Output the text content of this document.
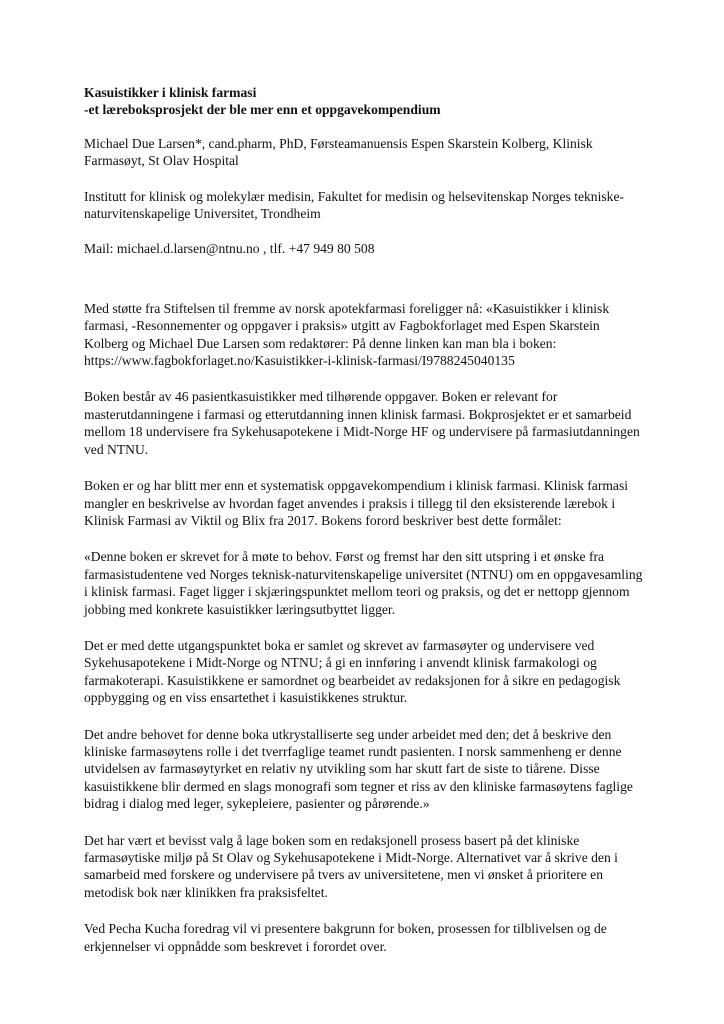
Kasuistikker i klinisk farmasi

-et læreboksprosjekt der ble mer enn et oppgavekompendium

Michael Due Larsen*, cand.pharm, PhD, Førsteamanuensis Espen Skarstein Kolberg, Klinisk Farmasøyt, St Olav Hospital

Institutt for klinisk og molekylær medisin, Fakultet for medisin og helsevitenskap Norges tekniske-naturvitenskapelige Universitet, Trondheim

Mail: michael.d.larsen@ntnu.no , tlf. +47 949 80 508

Med støtte fra Stiftelsen til fremme av norsk apotekfarmasi foreligger nå: «Kasuistikker i klinisk farmasi, -Resonnementer og oppgaver i praksis» utgitt av Fagbokforlaget med Espen Skarstein Kolberg og Michael Due Larsen som redaktører: På denne linken kan man bla i boken: https://www.fagbokforlaget.no/Kasuistikker-i-klinisk-farmasi/I9788245040135

Boken består av 46 pasientkasuistikker med tilhørende oppgaver. Boken er relevant for masterutdanningene i farmasi og etterutdanning innen klinisk farmasi. Bokprosjektet er et samarbeid mellom 18 undervisere fra Sykehusapotekene i Midt-Norge HF og undervisere på farmasiutdanningen ved NTNU.

Boken er og har blitt mer enn et systematisk oppgavekompendium i klinisk farmasi. Klinisk farmasi mangler en beskrivelse av hvordan faget anvendes i praksis i tillegg til den eksisterende lærebok i Klinisk Farmasi av Viktil og Blix fra 2017. Bokens forord beskriver best dette formålet:

«Denne boken er skrevet for å møte to behov. Først og fremst har den sitt utspring i et ønske fra farmasistudentene ved Norges teknisk-naturvitenskapelige universitet (NTNU) om en oppgavesamling i klinisk farmasi. Faget ligger i skjæringspunktet mellom teori og praksis, og det er nettopp gjennom jobbing med konkrete kasuistikker læringsutbyttet ligger.

Det er med dette utgangspunktet boka er samlet og skrevet av farmasøyter og undervisere ved Sykehusapotekene i Midt-Norge og NTNU; å gi en innføring i anvendt klinisk farmakologi og farmakoterapi. Kasuistikkene er samordnet og bearbeidet av redaksjonen for å sikre en pedagogisk oppbygging og en viss ensartethet i kasuistikkenes struktur.

Det andre behovet for denne boka utkrystalliserte seg under arbeidet med den; det å beskrive den kliniske farmasøytens rolle i det tverrfaglige teamet rundt pasienten. I norsk sammenheng er denne utvidelsen av farmasøytyrket en relativ ny utvikling som har skutt fart de siste to tiårene. Disse kasuistikkene blir dermed en slags monografi som tegner et riss av den kliniske farmasøytens faglige bidrag i dialog med leger, sykepleiere, pasienter og pårørende.»

Det har vært et bevisst valg å lage boken som en redaksjonell prosess basert på det kliniske farmasøytiske miljø på St Olav og Sykehusapotekene i Midt-Norge. Alternativet var å skrive den i samarbeid med forskere og undervisere på tvers av universitetene, men vi ønsket å prioritere en metodisk bok nær klinikken fra praksisfeltet.

Ved Pecha Kucha foredrag vil vi presentere bakgrunn for boken, prosessen for tilblivelsen og de erkjennelser vi oppnådde som beskrevet i forordet over.
